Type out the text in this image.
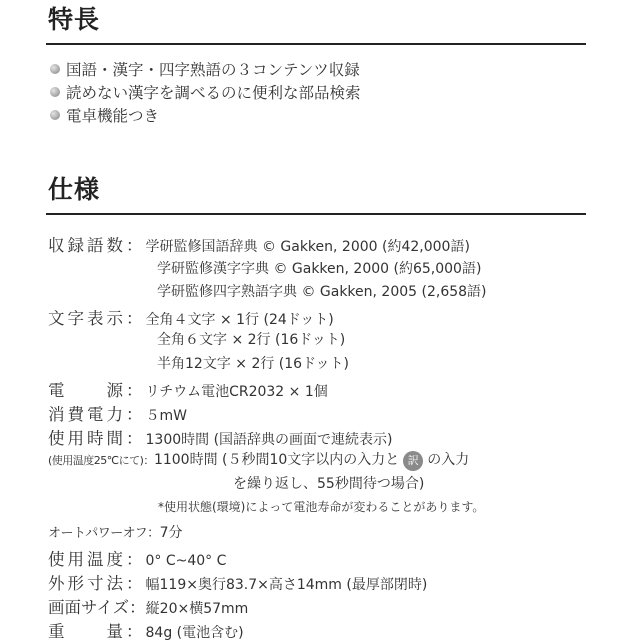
特長
国語・漢字・四字熟語の３コンテンツ収録
読めない漢字を調べるのに便利な部品検索
電卓機能つき
仕様
収録語数： 学研監修国語辞典 © Gakken, 2000 (約42,000語)
学研監修漢字字典 © Gakken, 2000 (約65,000語)
学研監修四字熟語字典 © Gakken, 2005 (2,658語)
文字表示： 全角４文字 × 1行 (24ドット)
全角６文字 × 2行 (16ドット)
半角12文字 × 2行 (16ドット)
電　　源： リチウム電池CR2032 × 1個
消費電力： ５mW
使用時間： 1300時間 (国語辞典の画面で連続表示)
(使用温度25℃にて)： 1100時間 (５秒間10文字以内の入力と 訳 の入力
を繰り返し、55秒間待つ場合)
*使用状態(環境)によって電池寿命が変わることがあります。
オートパワーオフ： 7分
使用温度： 0° C~40° C
外形寸法： 幅119×奥行83.7×高さ14mm (最厚部閉時)
画面サイズ： 縦20×横57mm
重　　量： 84g (電池含む)
